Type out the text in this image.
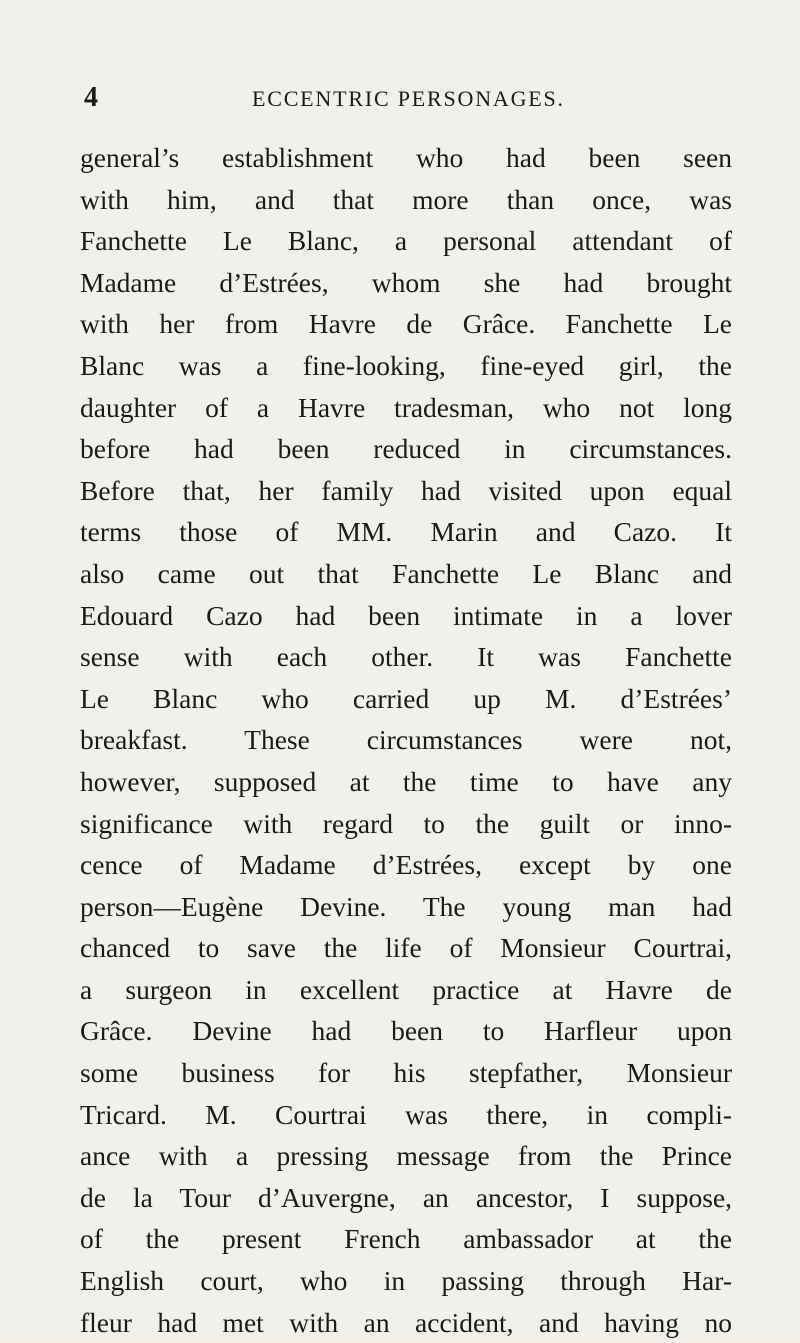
4	ECCENTRIC PERSONAGES.
general’s establishment who had been seen
with him, and that more than once, was
Fanchette Le Blanc, a personal attendant of
Madame d’Estrées, whom she had brought
with her from Havre de Grâce. Fanchette Le
Blanc was a fine-looking, fine-eyed girl, the
daughter of a Havre tradesman, who not long
before had been reduced in circumstances.
Before that, her family had visited upon equal
terms those of MM. Marin and Cazo. It
also came out that Fanchette Le Blanc and
Edouard Cazo had been intimate in a lover
sense with each other. It was Fanchette
Le Blanc who carried up M. d’Estrées’
breakfast. These circumstances were not,
however, supposed at the time to have any
significance with regard to the guilt or inno-
cence of Madame d’Estrées, except by one
person—Eugène Devine. The young man had
chanced to save the life of Monsieur Courtrai,
a surgeon in excellent practice at Havre de
Grâce. Devine had been to Harfleur upon
some business for his stepfather, Monsieur
Tricard. M. Courtrai was there, in compli-
ance with a pressing message from the Prince
de la Tour d’Auvergne, an ancestor, I suppose,
of the present French ambassador at the
English court, who in passing through Har-
fleur had met with an accident, and having no
